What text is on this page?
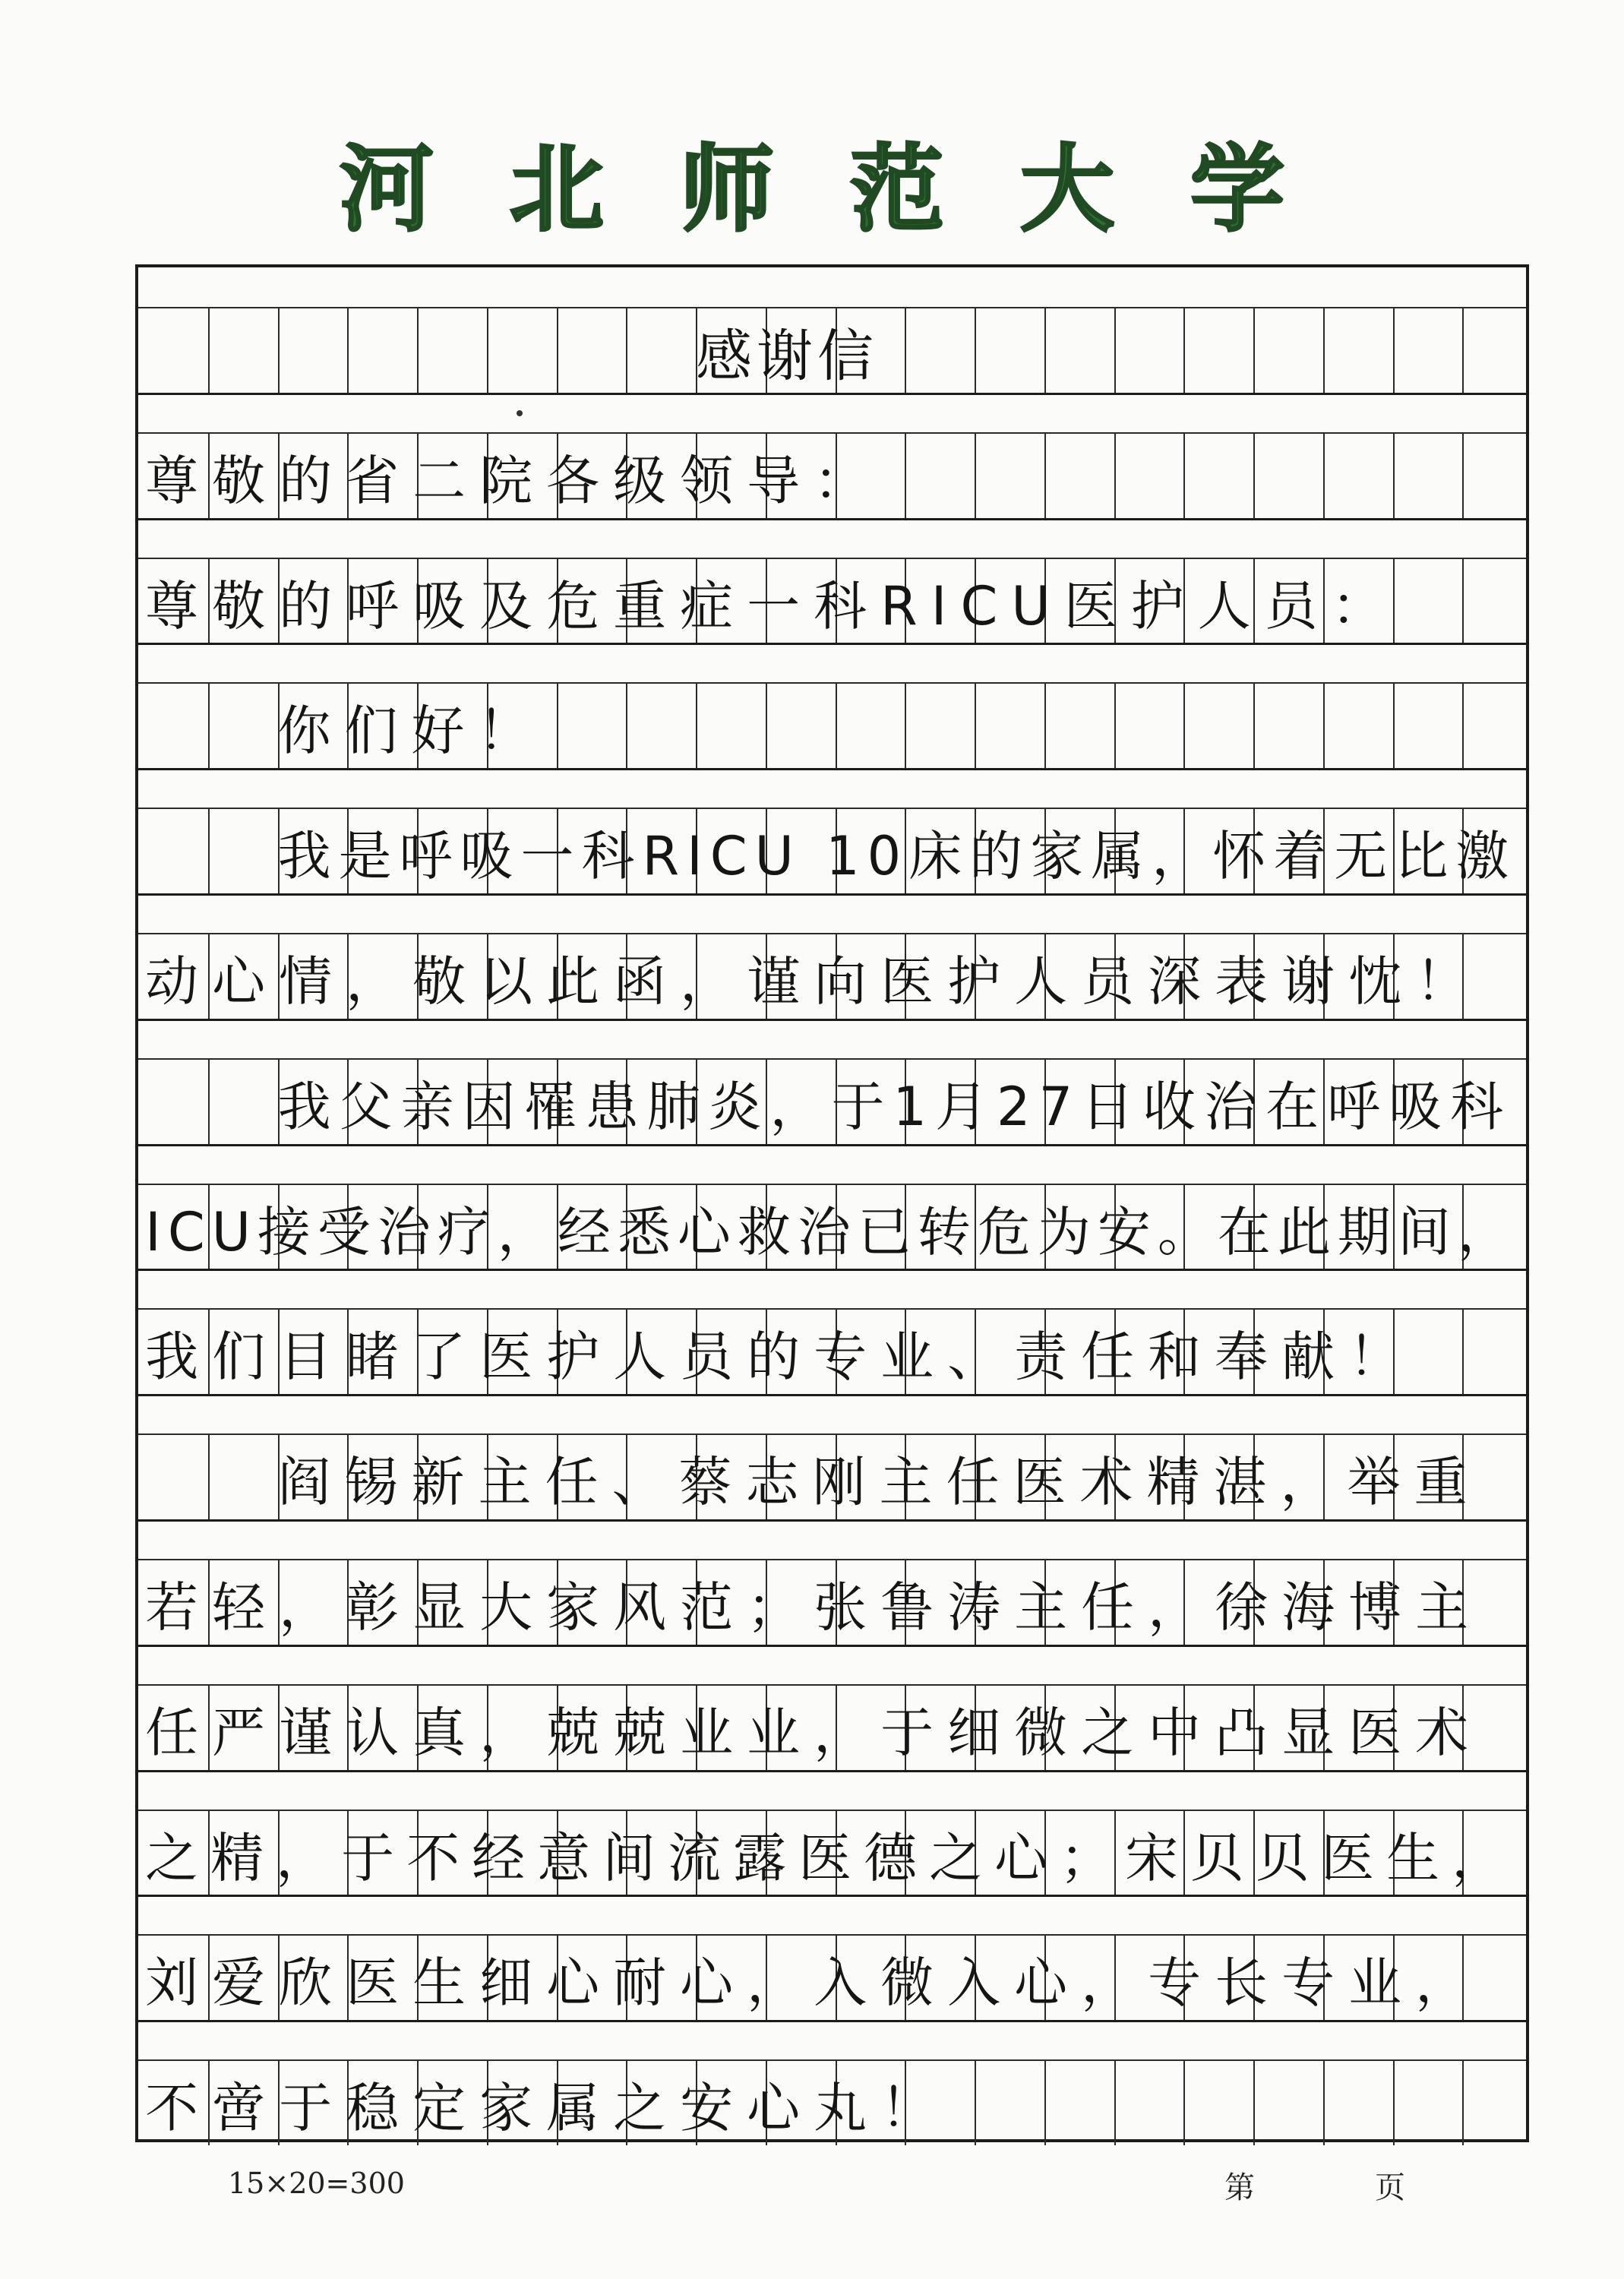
河北师范大学
感谢信
尊敬的省二院各级领导：
尊敬的呼吸及危重症一科RICU医护人员：
你们好！
我是呼吸一科RICU 10床的家属，怀着无比激
动心情，敬以此函，谨向医护人员深表谢忱！
我父亲因罹患肺炎，于1月27日收治在呼吸科
ICU接受治疗，经悉心救治已转危为安。在此期间，
我们目睹了医护人员的专业、责任和奉献！
阎锡新主任、蔡志刚主任医术精湛，举重
若轻，彰显大家风范；张鲁涛主任，徐海博主
任严谨认真，兢兢业业，于细微之中凸显医术
之精，于不经意间流露医德之心；宋贝贝医生，
刘爱欣医生细心耐心，入微入心，专长专业，
不啻于稳定家属之安心丸！
15×20=300	第	页
